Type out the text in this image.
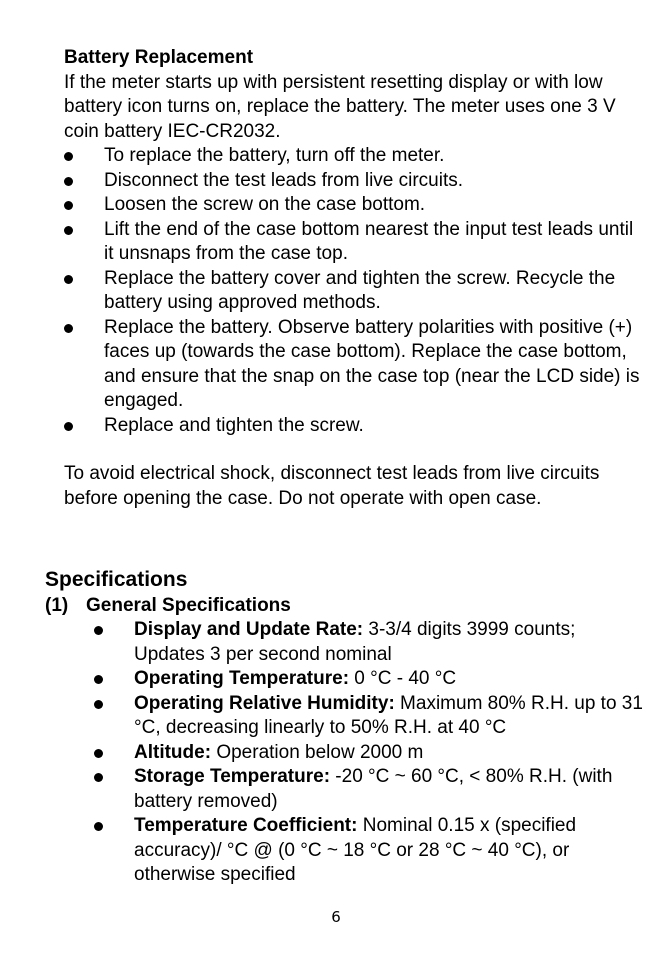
Battery Replacement
If the meter starts up with persistent resetting display or with low battery icon turns on, replace the battery. The meter uses one 3 V coin battery IEC-CR2032.
To replace the battery, turn off the meter.
Disconnect the test leads from live circuits.
Loosen the screw on the case bottom.
Lift the end of the case bottom nearest the input test leads until it unsnaps from the case top.
Replace the battery cover and tighten the screw. Recycle the battery using approved methods.
Replace the battery. Observe battery polarities with positive (+) faces up (towards the case bottom). Replace the case bottom, and ensure that the snap on the case top (near the LCD side) is engaged.
Replace and tighten the screw.
To avoid electrical shock, disconnect test leads from live circuits before opening the case. Do not operate with open case.
Specifications
(1) General Specifications
Display and Update Rate: 3-3/4 digits 3999 counts; Updates 3 per second nominal
Operating Temperature: 0 °C - 40 °C
Operating Relative Humidity: Maximum 80% R.H. up to 31 °C, decreasing linearly to 50% R.H. at 40 °C
Altitude: Operation below 2000 m
Storage Temperature: -20 °C ~ 60 °C, < 80% R.H. (with battery removed)
Temperature Coefficient: Nominal 0.15 x (specified accuracy)/ °C @ (0 °C ~ 18 °C or 28 °C ~ 40 °C), or otherwise specified
6
